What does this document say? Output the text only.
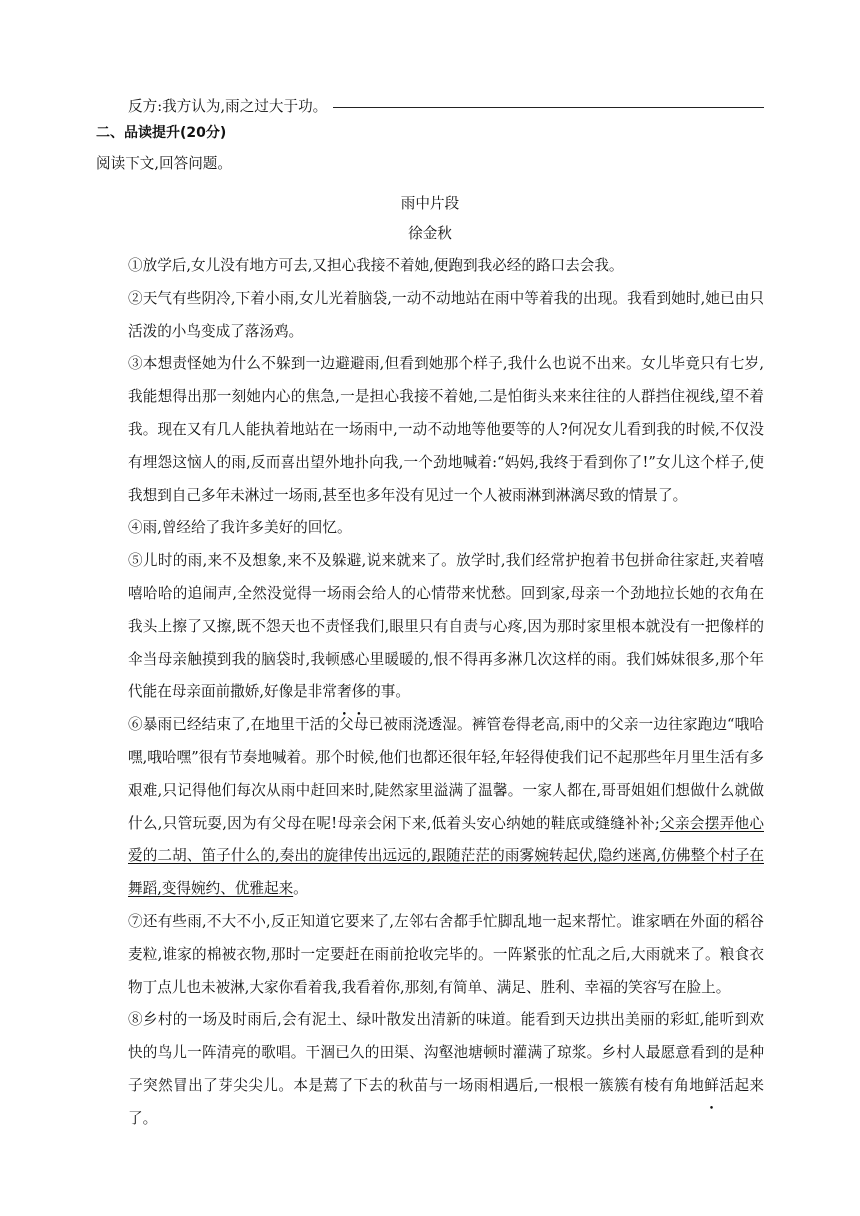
反方:我方认为,雨之过大于功。
二、品读提升(20分)
阅读下文,回答问题。
雨中片段
徐金秋

①放学后,女儿没有地方可去,又担心我接不着她,便跑到我必经的路口去会我。

②天气有些阴冷,下着小雨,女儿光着脑袋,一动不动地站在雨中等着我的出现。我看到她时,她已由只活泼的小鸟变成了落汤鸡。

③本想责怪她为什么不躲到一边避避雨,但看到她那个样子,我什么也说不出来。女儿毕竟只有七岁,我能想得出那一刻她内心的焦急,一是担心我接不着她,二是怕街头来来往往的人群挡住视线,望不着我。现在又有几人能执着地站在一场雨中,一动不动地等他要等的人?何况女儿看到我的时候,不仅没有埋怨这恼人的雨,反而喜出望外地扑向我,一个劲地喊着:“妈妈,我终于看到你了!”女儿这个样子,使我想到自己多年未淋过一场雨,甚至也多年没有见过一个人被雨淋到淋漓尽致的情景了。

④雨,曾经给了我许多美好的回忆。

⑤儿时的雨,来不及想象,来不及躲避,说来就来了。放学时,我们经常护抱着书包拼命往家赶,夹着嘻嘻哈哈的追闹声,全然没觉得一场雨会给人的心情带来忧愁。回到家,母亲一个劲地拉长她的衣角在我头上擦了又擦,既不怨天也不责怪我们,眼里只有自责与心疼,因为那时家里根本就没有一把像样的伞当母亲触摸到我的脑袋时,我顿感心里暖暖的,恨不得再多淋几次这样的雨。我们姊妹很多,那个年代能在母亲面前撒娇,好像是非常奢侈的事。

⑥暴雨已经结束了,在地里干活的父母已被雨浇透湿。裤管卷得老高,雨中的父亲一边往家跑边“哦哈嘿,哦哈嘿”很有节奏地喊着。那个时候,他们也都还很年轻,年轻得使我们记不起那些年月里生活有多艰难,只记得他们每次从雨中赶回来时,陡然家里溢满了温馨。一家人都在,哥哥姐姐们想做什么就做什么,只管玩耍,因为有父母在呢!母亲会闲下来,低着头安心纳她的鞋底或缝缝补补;父亲会摆弄他心爱的二胡、笛子什么的,奏出的旋律传出远远的,跟随茫茫的雨雾婉转起伏,隐约迷离,仿佛整个村子在舞蹈,变得婉约、优雅起来。

⑦还有些雨,不大不小,反正知道它要来了,左邻右舍都手忙脚乱地一起来帮忙。谁家晒在外面的稻谷麦粒,谁家的棉被衣物,那时一定要赶在雨前抢收完毕的。一阵紧张的忙乱之后,大雨就来了。粮食衣物丁点儿也未被淋,大家你看着我,我看着你,那刻,有简单、满足、胜利、幸福的笑容写在脸上。

⑧乡村的一场及时雨后,会有泥土、绿叶散发出清新的味道。能看到天边拱出美丽的彩虹,能听到欢快的鸟儿一阵清亮的歌唱。干涸已久的田渠、沟壑池塘顿时灌满了琼浆。乡村人最愿意看到的是种子突然冒出了芽尖尖儿。本是蔫了下去的秋苗与一场雨相遇后,一根根一簇簇有棱有角地鲜活起来了。
